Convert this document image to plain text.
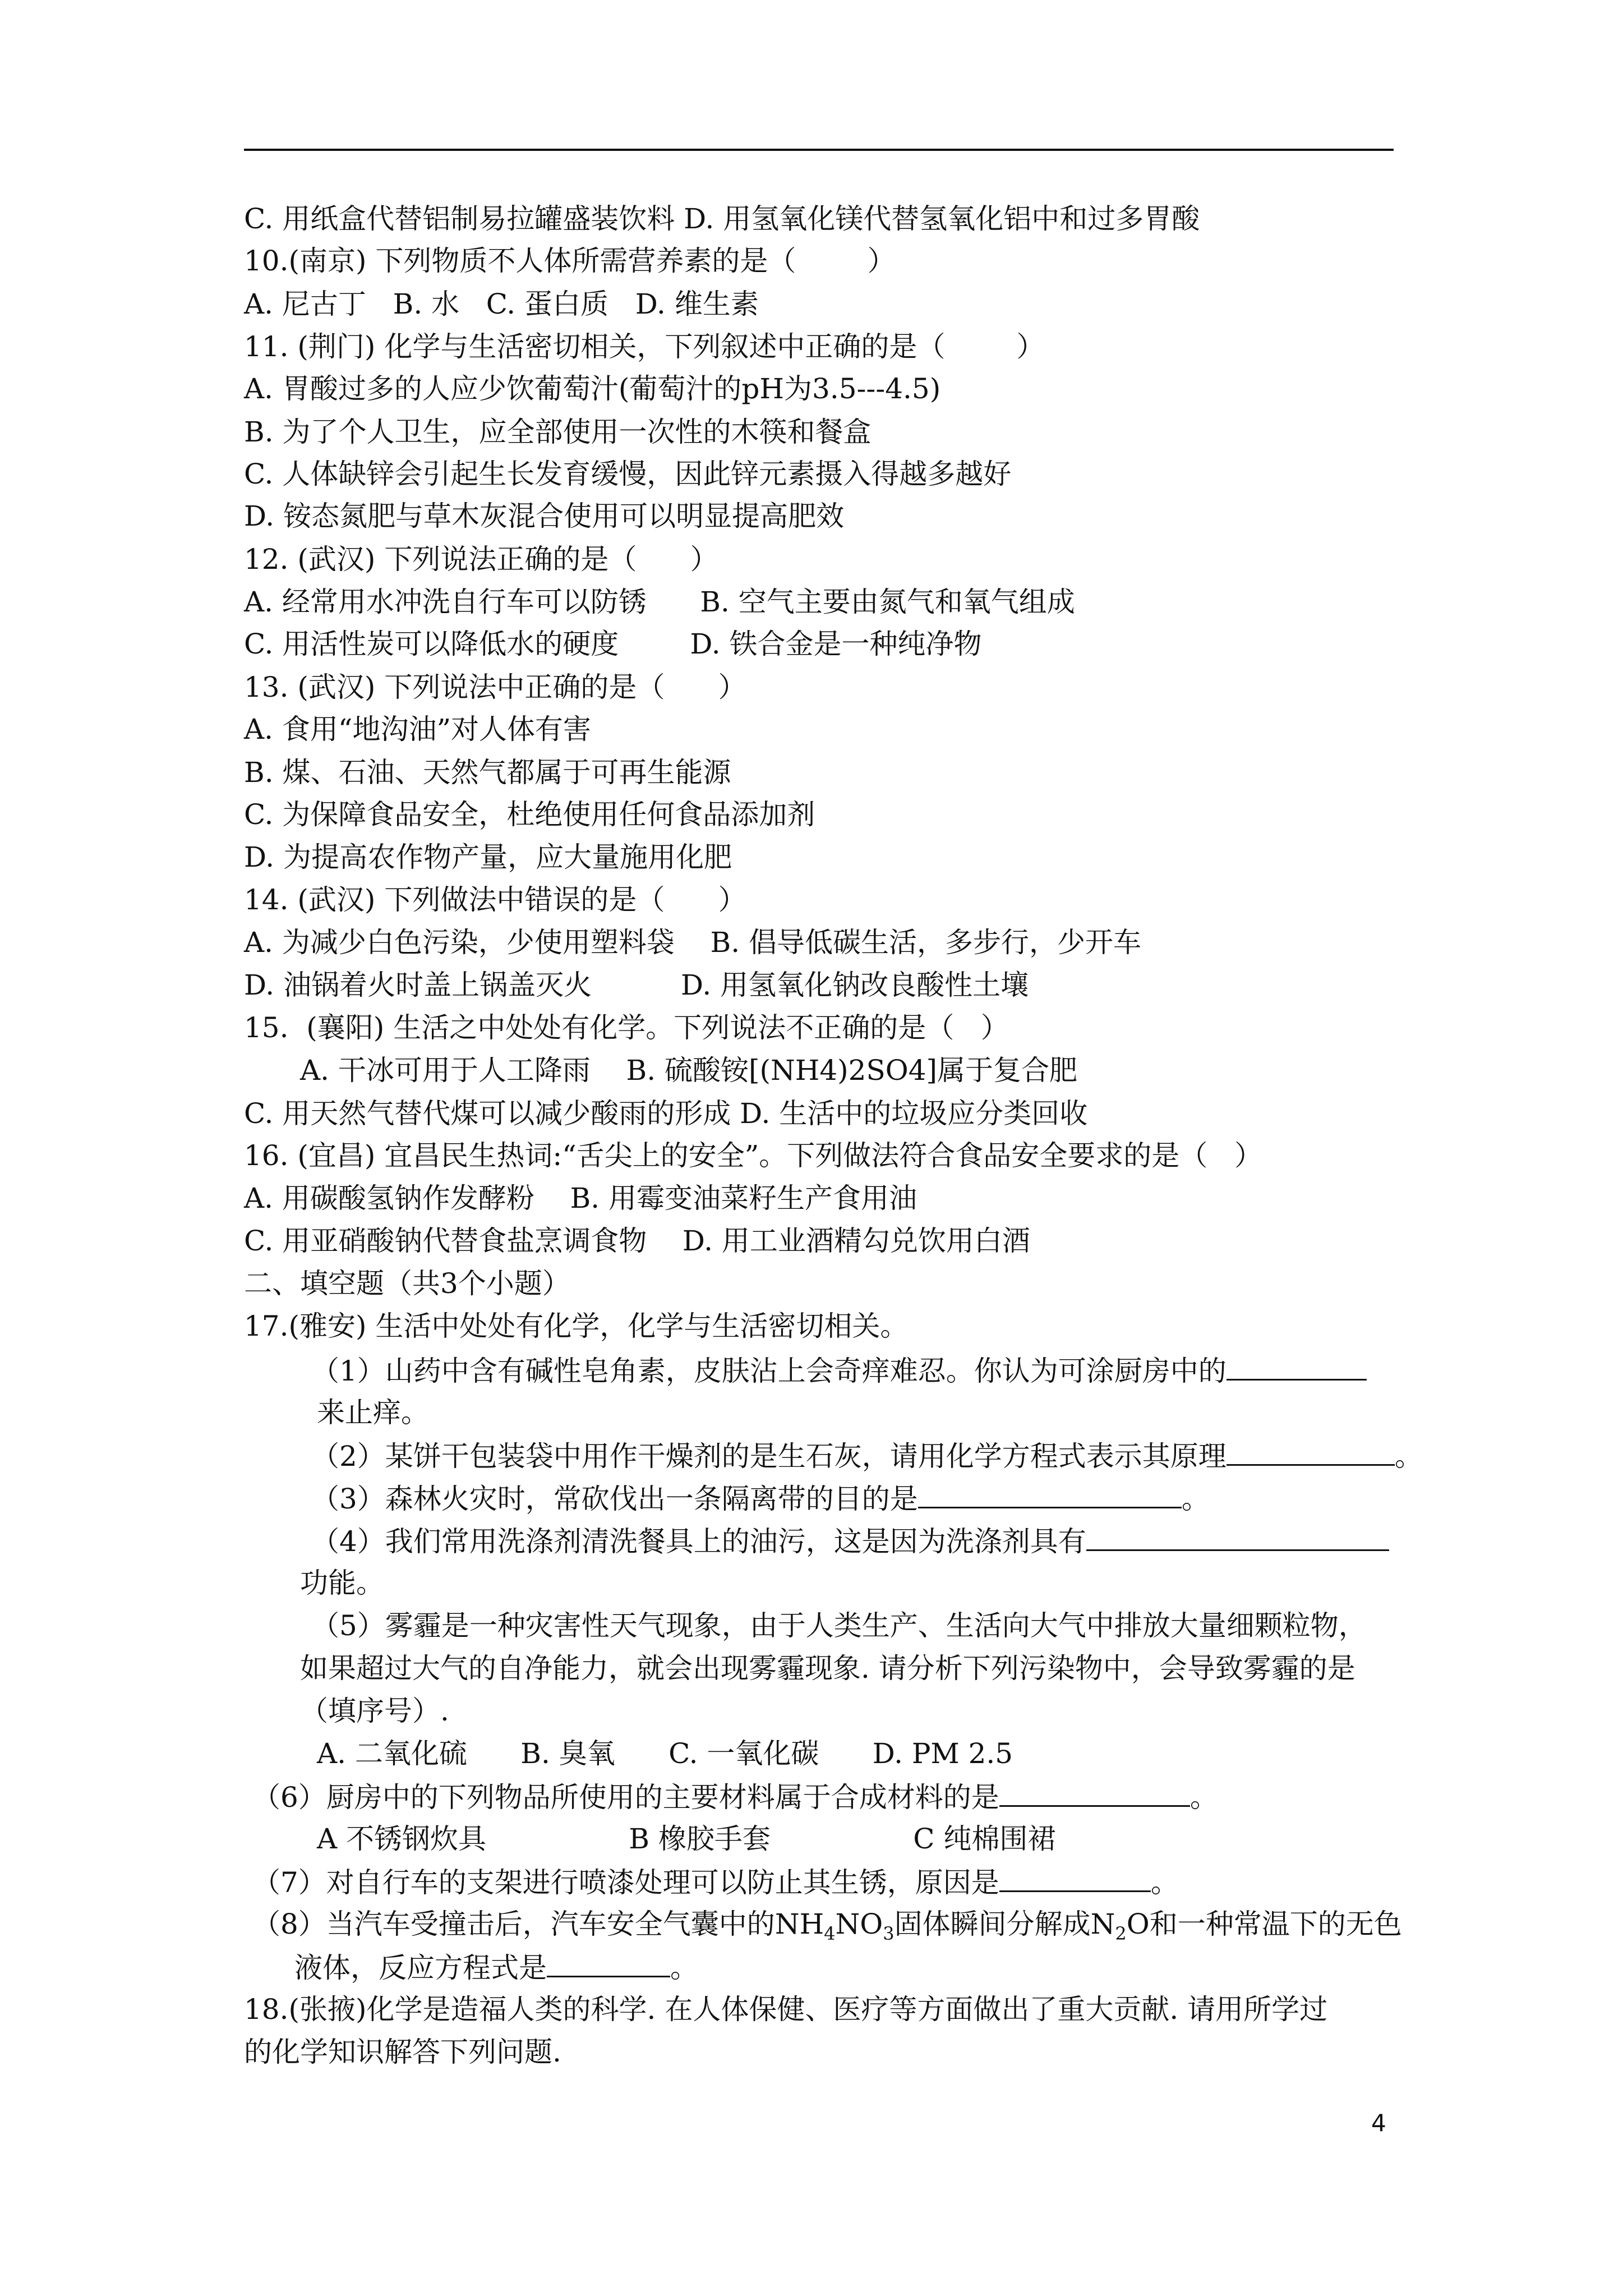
C. 用纸盒代替铝制易拉罐盛装饮料 D. 用氢氧化镁代替氢氧化铝中和过多胃酸
10.(南京) 下列物质不人体所需营养素的是（        ）
A. 尼古丁   B. 水   C. 蛋白质   D. 维生素
11. (荆门) 化学与生活密切相关，下列叙述中正确的是（        ）
A. 胃酸过多的人应少饮葡萄汁(葡萄汁的pH为3.5---4.5)
B. 为了个人卫生，应全部使用一次性的木筷和餐盒
C. 人体缺锌会引起生长发育缓慢，因此锌元素摄入得越多越好
D. 铵态氮肥与草木灰混合使用可以明显提高肥效
12. (武汉) 下列说法正确的是（      ）
A. 经常用水冲洗自行车可以防锈      B. 空气主要由氮气和氧气组成
C. 用活性炭可以降低水的硬度        D. 铁合金是一种纯净物
13. (武汉) 下列说法中正确的是（      ）
A. 食用“地沟油”对人体有害
B. 煤、石油、天然气都属于可再生能源
C. 为保障食品安全，杜绝使用任何食品添加剂
D. 为提高农作物产量，应大量施用化肥
14. (武汉) 下列做法中错误的是（      ）
A. 为减少白色污染，少使用塑料袋    B. 倡导低碳生活，多步行，少开车
D. 油锅着火时盖上锅盖灭火          D. 用氢氧化钠改良酸性土壤
15.  (襄阳) 生活之中处处有化学。下列说法不正确的是（   ）
A. 干冰可用于人工降雨    B. 硫酸铵[(NH4)2SO4]属于复合肥
C. 用天然气替代煤可以减少酸雨的形成 D. 生活中的垃圾应分类回收
16. (宜昌) 宜昌民生热词:“舌尖上的安全”。下列做法符合食品安全要求的是（   ）
A. 用碳酸氢钠作发酵粉    B. 用霉变油菜籽生产食用油
C. 用亚硝酸钠代替食盐烹调食物    D. 用工业酒精勾兑饮用白酒
二、填空题（共3个小题）
17.(雅安) 生活中处处有化学，化学与生活密切相关。
（1）山药中含有碱性皂角素，皮肤沾上会奇痒难忍。你认为可涂厨房中的
来止痒。
（2）某饼干包装袋中用作干燥剂的是生石灰，请用化学方程式表示其原理	。
（3）森林火灾时，常砍伐出一条隔离带的目的是	。
（4）我们常用洗涤剂清洗餐具上的油污，这是因为洗涤剂具有
功能。
（5）雾霾是一种灾害性天气现象，由于人类生产、生活向大气中排放大量细颗粒物，
如果超过大气的自净能力，就会出现雾霾现象. 请分析下列污染物中，会导致雾霾的是
（填序号）.
A. 二氧化硫      B. 臭氧      C. 一氧化碳      D. PM 2.5
（6）厨房中的下列物品所使用的主要材料属于合成材料的是	。
A 不锈钢炊具                B 橡胶手套                C 纯棉围裙
（7）对自行车的支架进行喷漆处理可以防止其生锈，原因是	。
（8）当汽车受撞击后，汽车安全气囊中的$NH_4NO_3$固体瞬间分解成$N_2O$和一种常温下的无色
液体，反应方程式是	。
18.(张掖)化学是造福人类的科学. 在人体保健、医疗等方面做出了重大贡献. 请用所学过
的化学知识解答下列问题.
4
